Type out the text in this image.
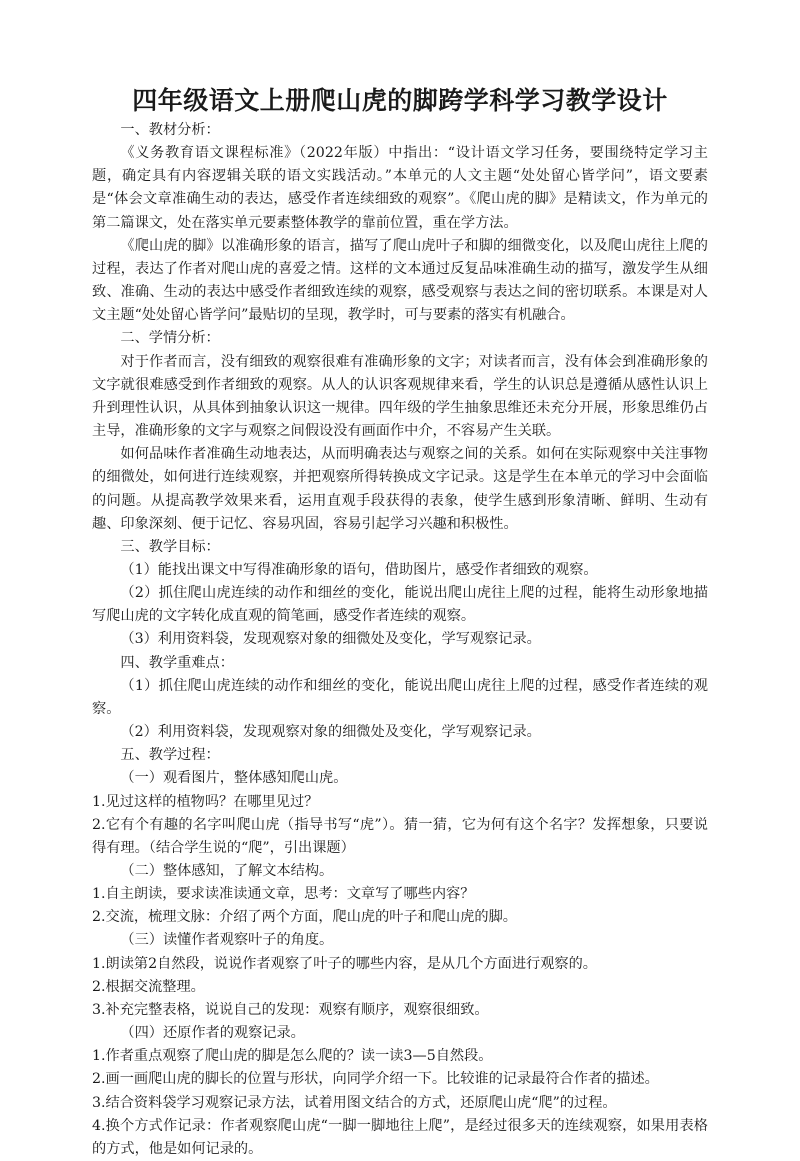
四年级语文上册爬山虎的脚跨学科学习教学设计

一、教材分析：

《义务教育语文课程标准》（2022年版）中指出：“设计语文学习任务，要围绕特定学习主题，确定具有内容逻辑关联的语文实践活动。”本单元的人文主题“处处留心皆学问”，语文要素是“体会文章准确生动的表达，感受作者连续细致的观察”。《爬山虎的脚》是精读文，作为单元的第二篇课文，处在落实单元要素整体教学的靠前位置，重在学方法。

《爬山虎的脚》以准确形象的语言，描写了爬山虎叶子和脚的细微变化，以及爬山虎往上爬的过程，表达了作者对爬山虎的喜爱之情。这样的文本通过反复品味准确生动的描写，激发学生从细致、准确、生动的表达中感受作者细致连续的观察，感受观察与表达之间的密切联系。本课是对人文主题“处处留心皆学问”最贴切的呈现，教学时，可与要素的落实有机融合。

二、学情分析：

对于作者而言，没有细致的观察很难有准确形象的文字；对读者而言，没有体会到准确形象的文字就很难感受到作者细致的观察。从人的认识客观规律来看，学生的认识总是遵循从感性认识上升到理性认识，从具体到抽象认识这一规律。四年级的学生抽象思维还未充分开展，形象思维仍占主导，准确形象的文字与观察之间假设没有画面作中介，不容易产生关联。

如何品味作者准确生动地表达，从而明确表达与观察之间的关系。如何在实际观察中关注事物的细微处，如何进行连续观察，并把观察所得转换成文字记录。这是学生在本单元的学习中会面临的问题。从提高教学效果来看，运用直观手段获得的表象，使学生感到形象清晰、鲜明、生动有趣、印象深刻、便于记忆、容易巩固，容易引起学习兴趣和积极性。

三、教学目标：

（1）能找出课文中写得准确形象的语句，借助图片，感受作者细致的观察。

（2）抓住爬山虎连续的动作和细丝的变化，能说出爬山虎往上爬的过程，能将生动形象地描写爬山虎的文字转化成直观的简笔画，感受作者连续的观察。

（3）利用资料袋，发现观察对象的细微处及变化，学写观察记录。

四、教学重难点：

（1）抓住爬山虎连续的动作和细丝的变化，能说出爬山虎往上爬的过程，感受作者连续的观察。

（2）利用资料袋，发现观察对象的细微处及变化，学写观察记录。

五、教学过程：

（一）观看图片，整体感知爬山虎。

1.见过这样的植物吗？在哪里见过？

2.它有个有趣的名字叫爬山虎（指导书写“虎”）。猜一猜，它为何有这个名字？发挥想象，只要说得有理。（结合学生说的“爬”，引出课题）

（二）整体感知，了解文本结构。

1.自主朗读，要求读准读通文章，思考：文章写了哪些内容？

2.交流，梳理文脉：介绍了两个方面，爬山虎的叶子和爬山虎的脚。

（三）读懂作者观察叶子的角度。

1.朗读第2自然段，说说作者观察了叶子的哪些内容，是从几个方面进行观察的。

2.根据交流整理。

3.补充完整表格，说说自己的发现：观察有顺序，观察很细致。

（四）还原作者的观察记录。

1.作者重点观察了爬山虎的脚是怎么爬的？读一读3—5自然段。

2.画一画爬山虎的脚长的位置与形状，向同学介绍一下。比较谁的记录最符合作者的描述。

3.结合资料袋学习观察记录方法，试着用图文结合的方式，还原爬山虎“爬”的过程。

4.换个方式作记录：作者观察爬山虎“一脚一脚地往上爬”，是经过很多天的连续观察，如果用表格的方式，他是如何记录的。
